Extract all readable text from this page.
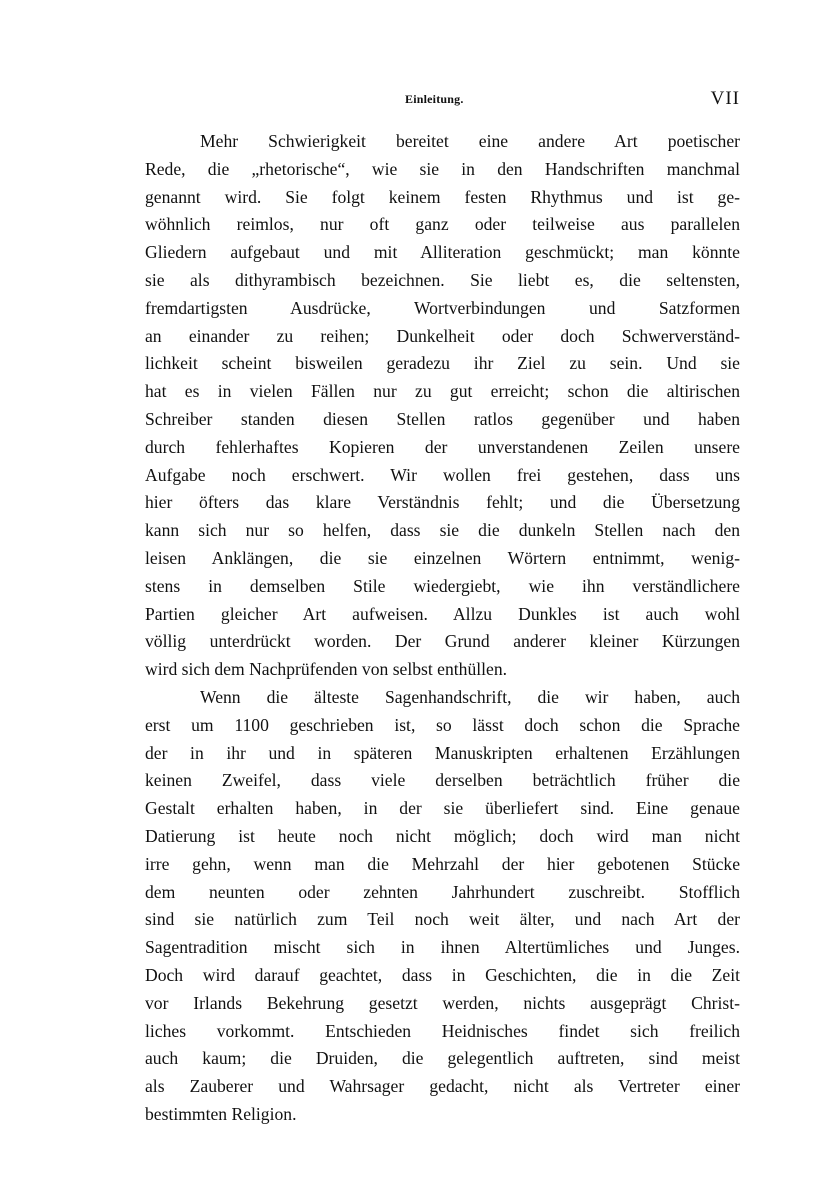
Einleitung.	VII
Mehr Schwierigkeit bereitet eine andere Art poetischer
Rede, die „rhetorische“, wie sie in den Handschriften manchmal
genannt wird. Sie folgt keinem festen Rhythmus und ist ge-
wöhnlich reimlos, nur oft ganz oder teilweise aus parallelen
Gliedern aufgebaut und mit Alliteration geschmückt; man könnte
sie als dithyrambisch bezeichnen. Sie liebt es, die seltensten,
fremdartigsten Ausdrücke, Wortverbindungen und Satzformen
an einander zu reihen; Dunkelheit oder doch Schwerverständ-
lichkeit scheint bisweilen geradezu ihr Ziel zu sein. Und sie
hat es in vielen Fällen nur zu gut erreicht; schon die altirischen
Schreiber standen diesen Stellen ratlos gegenüber und haben
durch fehlerhaftes Kopieren der unverstandenen Zeilen unsere
Aufgabe noch erschwert. Wir wollen frei gestehen, dass uns
hier öfters das klare Verständnis fehlt; und die Übersetzung
kann sich nur so helfen, dass sie die dunkeln Stellen nach den
leisen Anklängen, die sie einzelnen Wörtern entnimmt, wenig-
stens in demselben Stile wiedergiebt, wie ihn verständlichere
Partien gleicher Art aufweisen. Allzu Dunkles ist auch wohl
völlig unterdrückt worden. Der Grund anderer kleiner Kürzungen
wird sich dem Nachprüfenden von selbst enthüllen.
Wenn die älteste Sagenhandschrift, die wir haben, auch
erst um 1100 geschrieben ist, so lässt doch schon die Sprache
der in ihr und in späteren Manuskripten erhaltenen Erzählungen
keinen Zweifel, dass viele derselben beträchtlich früher die
Gestalt erhalten haben, in der sie überliefert sind. Eine genaue
Datierung ist heute noch nicht möglich; doch wird man nicht
irre gehn, wenn man die Mehrzahl der hier gebotenen Stücke
dem neunten oder zehnten Jahrhundert zuschreibt. Stofflich
sind sie natürlich zum Teil noch weit älter, und nach Art der
Sagentradition mischt sich in ihnen Altertümliches und Junges.
Doch wird darauf geachtet, dass in Geschichten, die in die Zeit
vor Irlands Bekehrung gesetzt werden, nichts ausgeprägt Christ-
liches vorkommt. Entschieden Heidnisches findet sich freilich
auch kaum; die Druiden, die gelegentlich auftreten, sind meist
als Zauberer und Wahrsager gedacht, nicht als Vertreter einer
bestimmten Religion.
